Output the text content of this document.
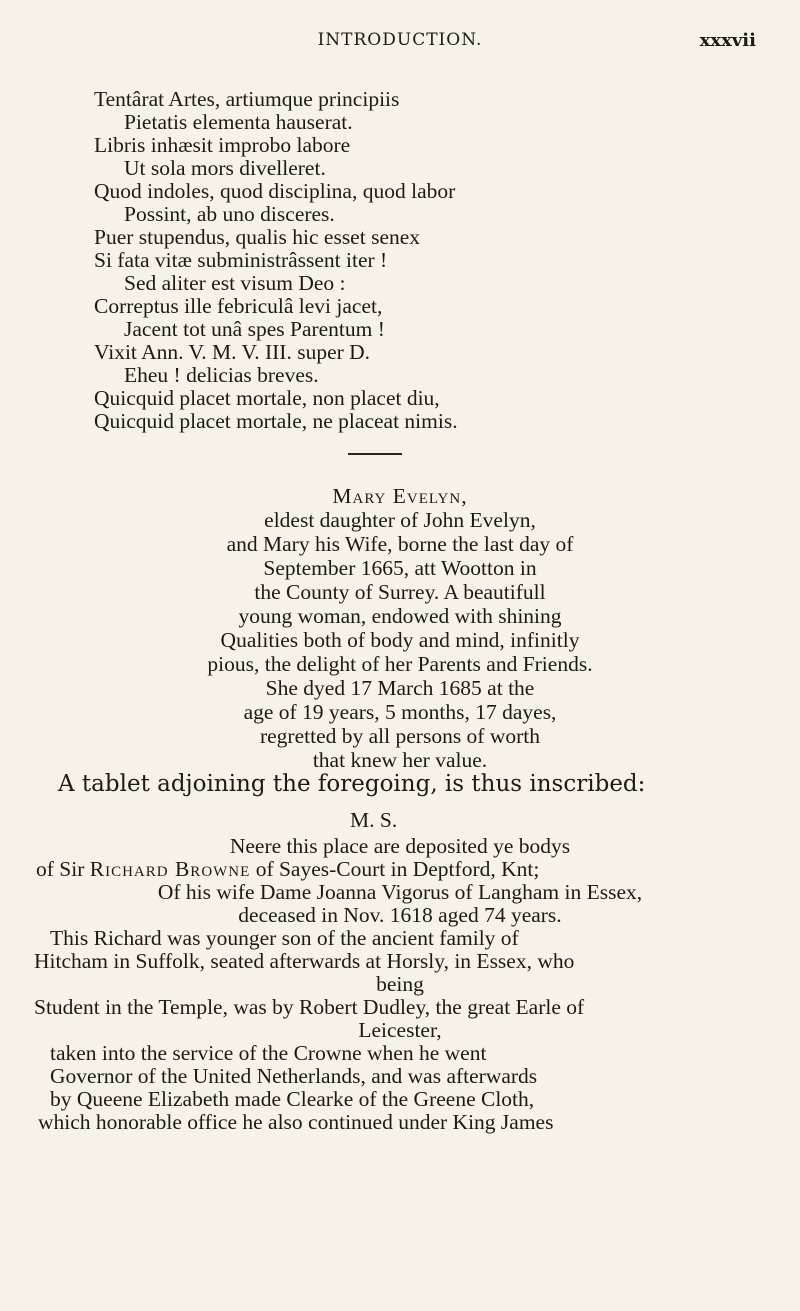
INTRODUCTION.	xxxvii
Tentârat Artes, artiumque principiis
Pietatis elementa hauserat.
Libris inhæsit improbo labore
Ut sola mors divelleret.
Quod indoles, quod disciplina, quod labor
Possint, ab uno disceres.
Puer stupendus, qualis hic esset senex
Si fata vitæ subministrâssent iter !
Sed aliter est visum Deo :
Correptus ille febriculâ levi jacet,
Jacent tot unâ spes Parentum !
Vixit Ann. V. M. V. III. super D.
Eheu ! delicias breves.
Quicquid placet mortale, non placet diu,
Quicquid placet mortale, ne placeat nimis.
Mary Evelyn,
eldest daughter of John Evelyn,
and Mary his Wife, borne the last day of
September 1665, att Wootton in
the County of Surrey. A beautifull
young woman, endowed with shining
Qualities both of body and mind, infinitly
pious, the delight of her Parents and Friends.
She dyed 17 March 1685 at the
age of 19 years, 5 months, 17 dayes,
regretted by all persons of worth
that knew her value.
A tablet adjoining the foregoing, is thus inscribed:
M. S.
Neere this place are deposited ye bodys
of Sir Richard Browne of Sayes-Court in Deptford, Knt;
Of his wife Dame Joanna Vigorus of Langham in Essex,
deceased in Nov. 1618 aged 74 years.
This Richard was younger son of the ancient family of
Hitcham in Suffolk, seated afterwards at Horsly, in Essex, who
being
Student in the Temple, was by Robert Dudley, the great Earle of
Leicester,
taken into the service of the Crowne when he went
Governor of the United Netherlands, and was afterwards
by Queene Elizabeth made Clearke of the Greene Cloth,
which honorable office he also continued under King James
